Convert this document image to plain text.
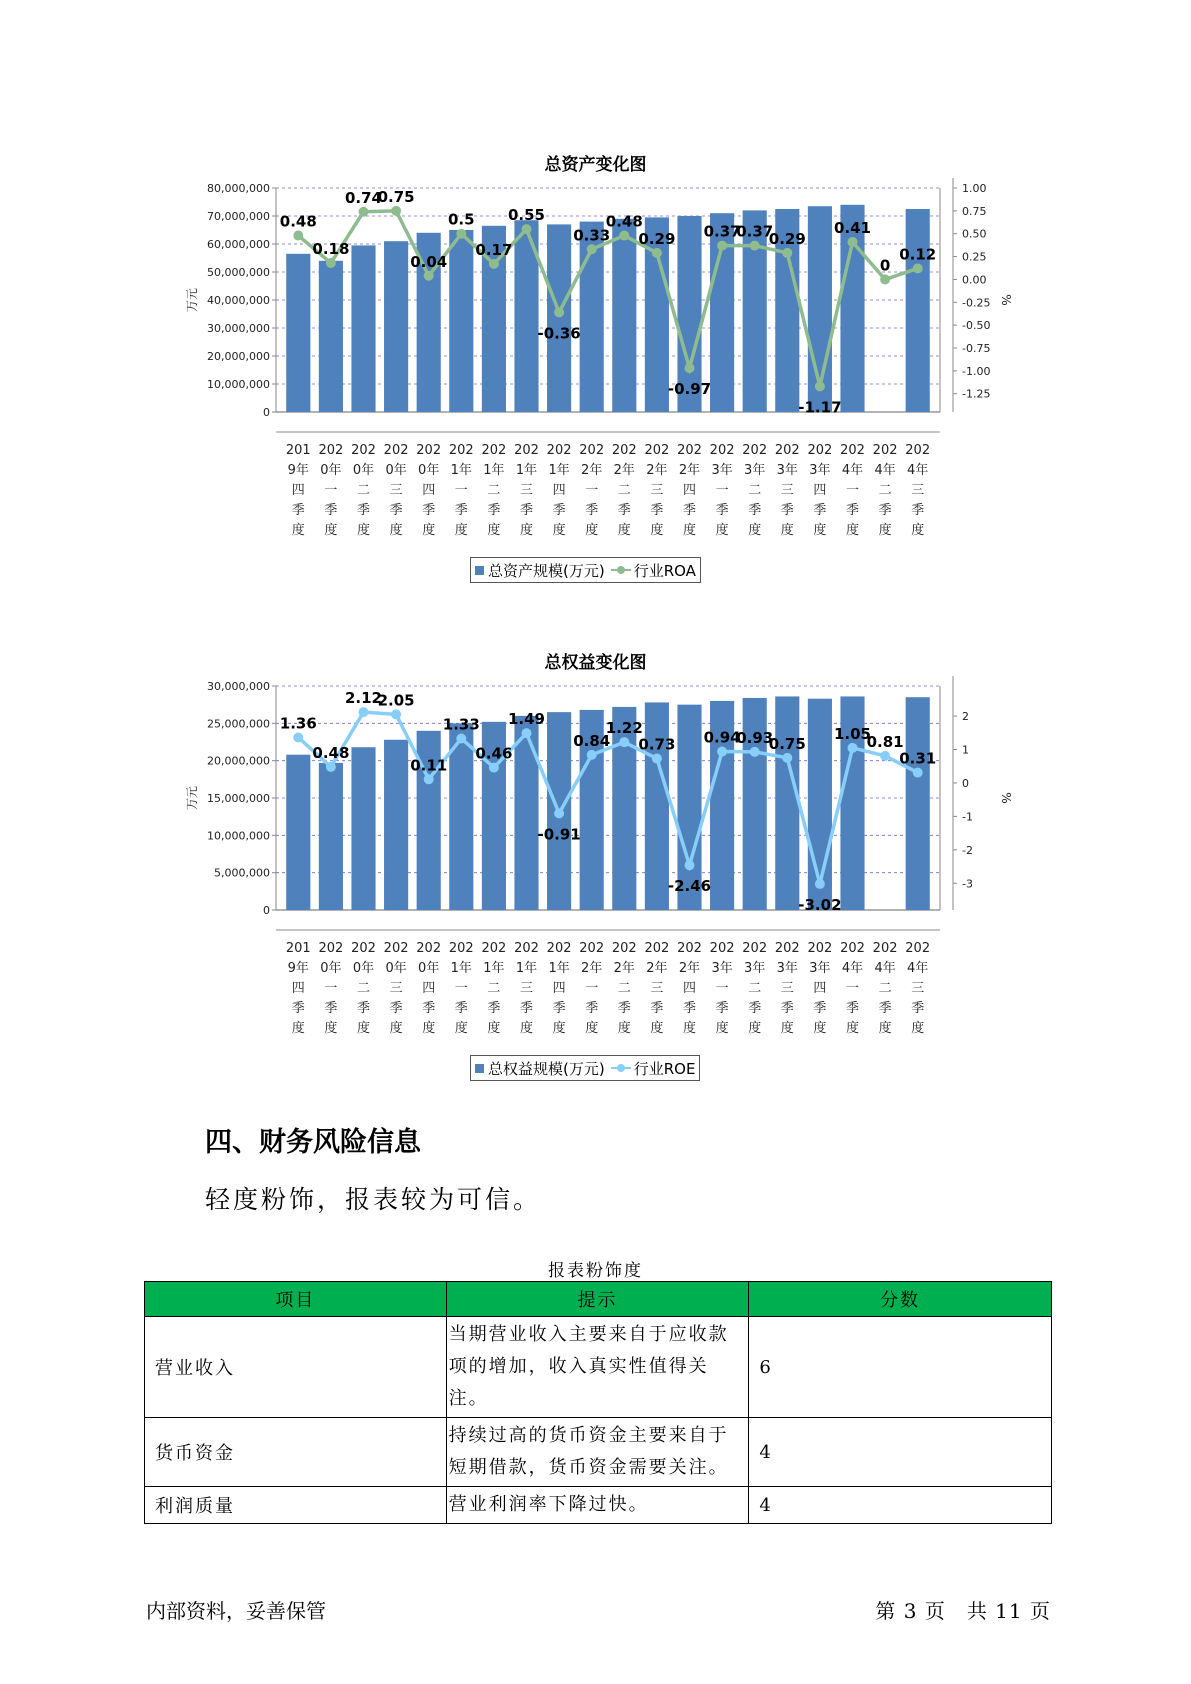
总资产变化图
0
10,000,000
20,000,000
30,000,000
40,000,000
50,000,000
60,000,000
70,000,000
80,000,000	1.00
0.75
0.50
0.25
0.00
-0.25
-0.50
-0.75
-1.00
-1.25
万元	%
0.48
0.18
0.74
0.75
0.04
0.5
0.17
0.55
-0.36
0.33
0.48
0.29
-0.97
0.37
0.37
0.29
-1.17
0.41
0
0.12
201
9年
四
季
度
202
0年
一
季
度
202
0年
二
季
度
202
0年
三
季
度
202
0年
四
季
度
202
1年
一
季
度
202
1年
二
季
度
202
1年
三
季
度
202
1年
四
季
度
202
2年
一
季
度
202
2年
二
季
度
202
2年
三
季
度
202
2年
四
季
度
202
3年
一
季
度
202
3年
二
季
度
202
3年
三
季
度
202
3年
四
季
度
202
4年
一
季
度
202
4年
二
季
度
202
4年
三
季
度
总资产规模(万元) 行业ROA
总权益变化图
0
5,000,000
10,000,000
15,000,000
20,000,000
25,000,000
30,000,000
2
1
0
-1
-2
-3
万元	%
1.36
0.48
2.12
2.05
0.11
1.33
0.46
1.49
-0.91
0.84
1.22
0.73
-2.46
0.94
0.93
0.75
-3.02
1.05
0.81
0.31
201
9年
四
季
度
202
0年
一
季
度
202
0年
二
季
度
202
0年
三
季
度
202
0年
四
季
度
202
1年
一
季
度
202
1年
二
季
度
202
1年
三
季
度
202
1年
四
季
度
202
2年
一
季
度
202
2年
二
季
度
202
2年
三
季
度
202
2年
四
季
度
202
3年
一
季
度
202
3年
二
季
度
202
3年
三
季
度
202
3年
四
季
度
202
4年
一
季
度
202
4年
二
季
度
202
4年
三
季
度
总权益规模(万元) 行业ROE
四、财务风险信息
轻度粉饰，报表较为可信。
报表粉饰度
项目	提示	分数
营业收入	当期营业收入主要来自于应收款项的增加，收入真实性值得关注。	6
货币资金	持续过高的货币资金主要来自于短期借款，货币资金需要关注。	4
利润质量	营业利润率下降过快。	4
内部资料，妥善保管	第 3 页　共 11 页
